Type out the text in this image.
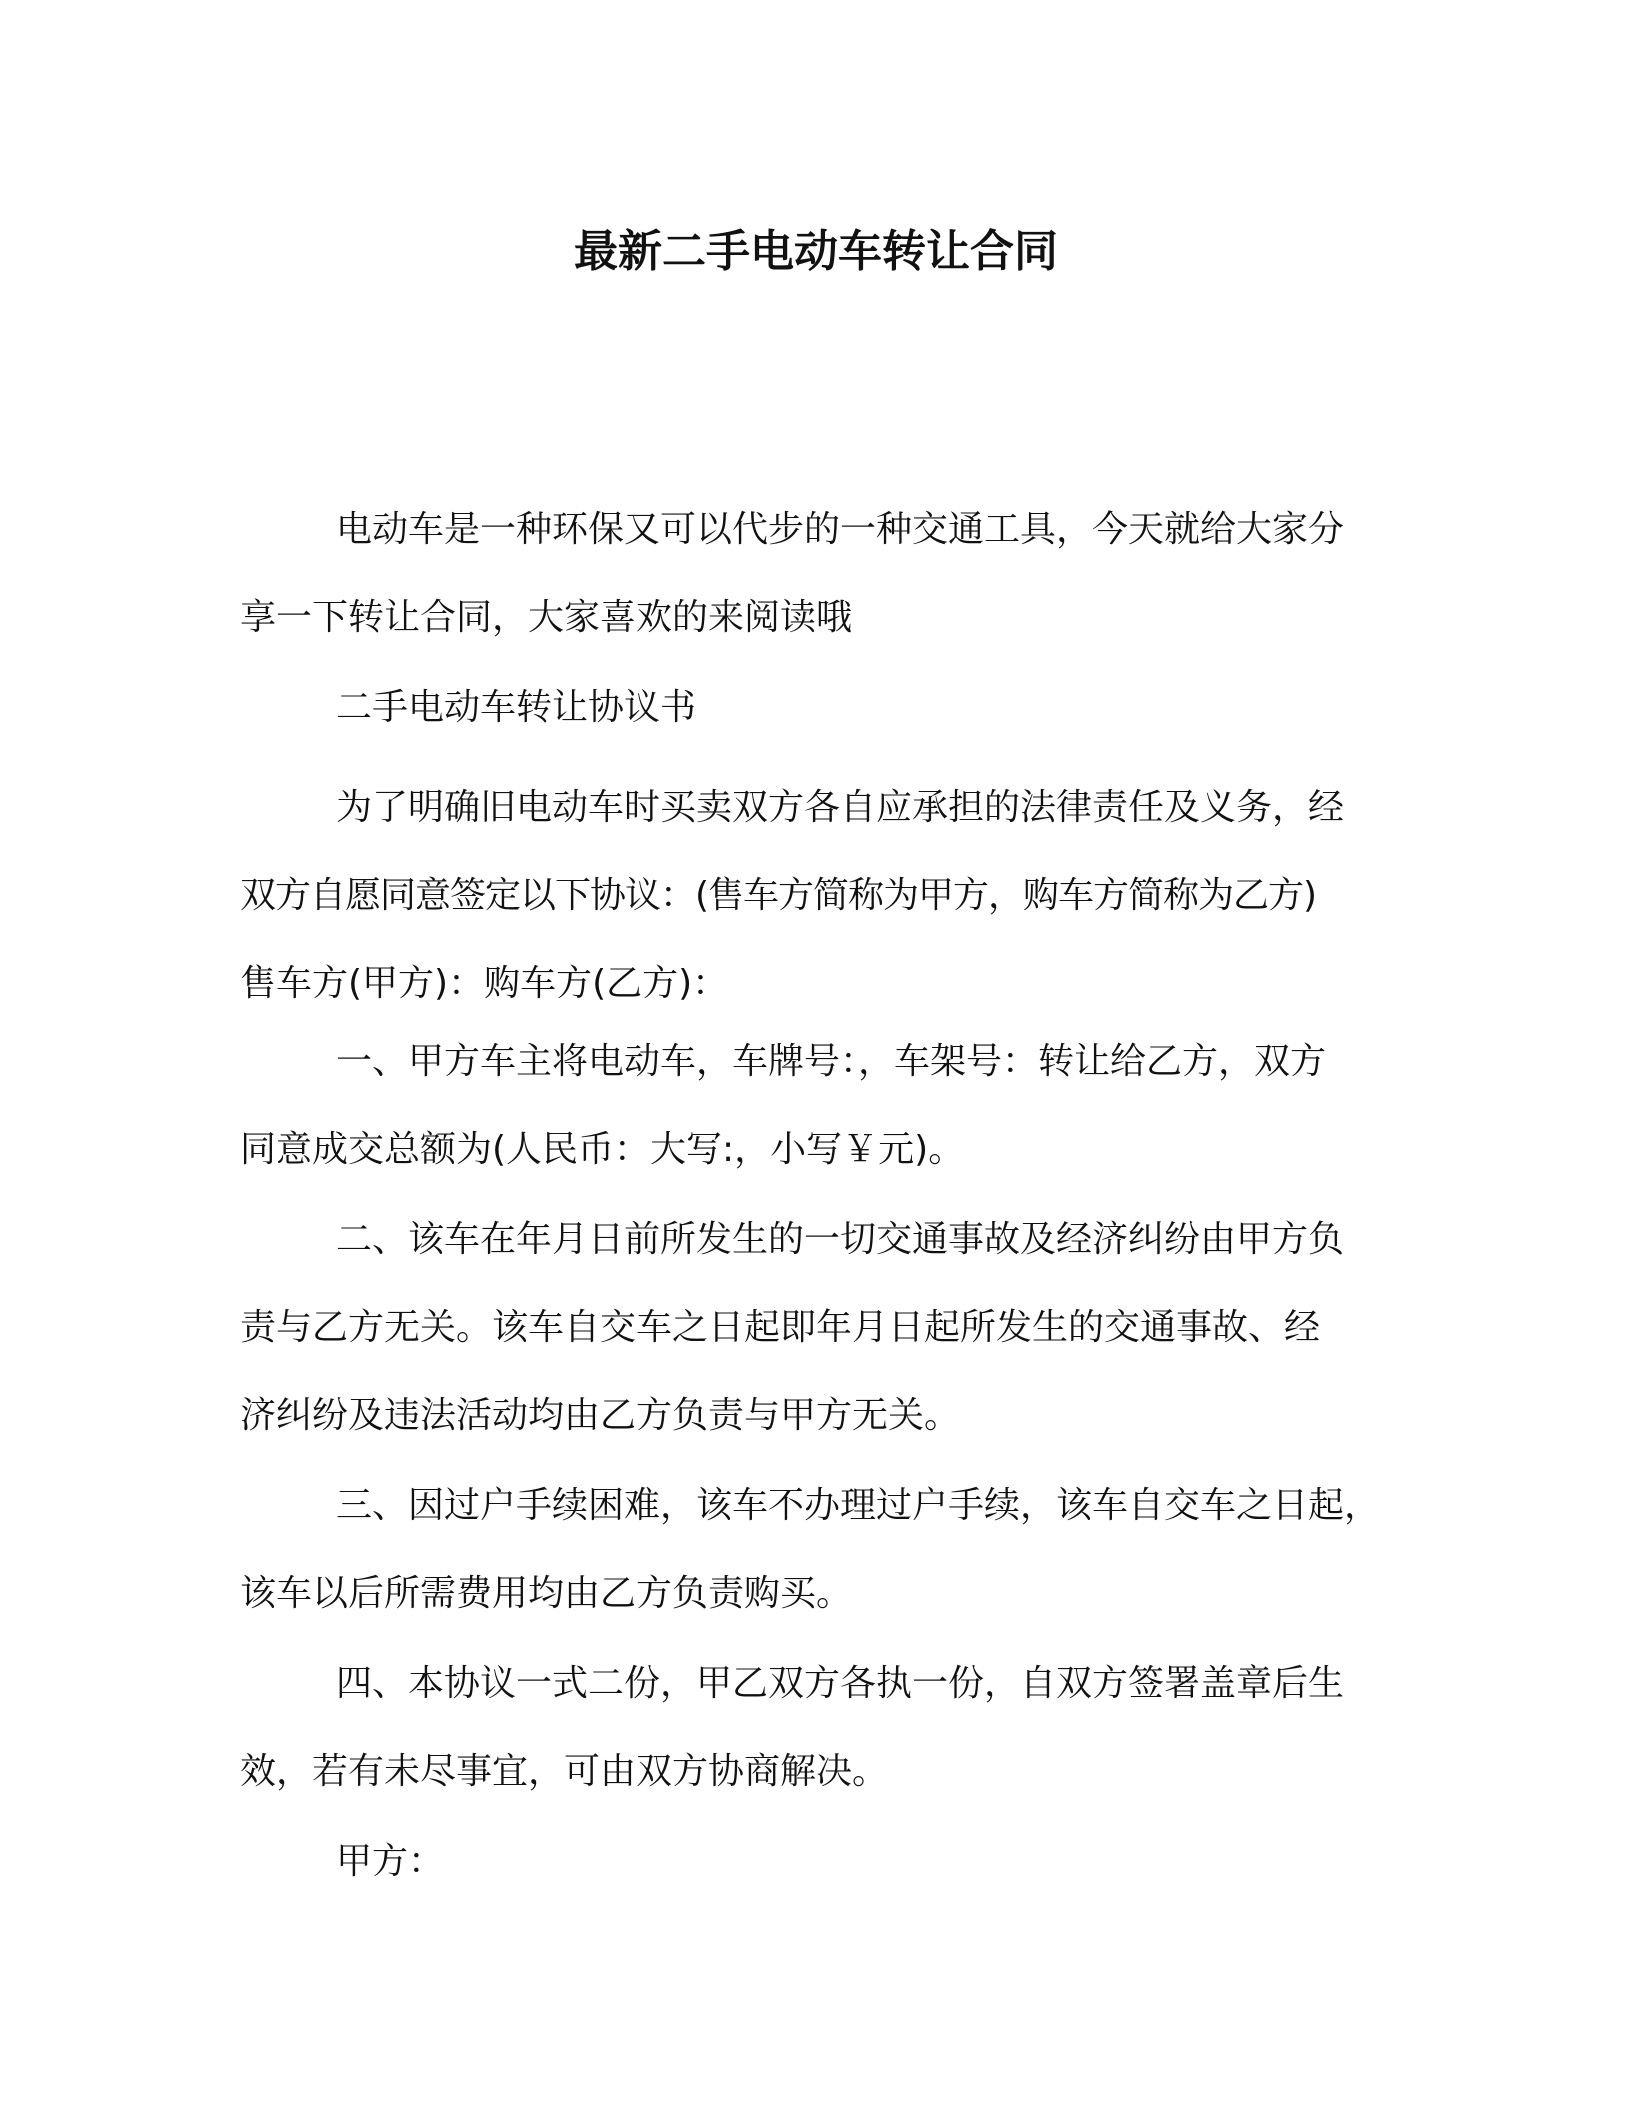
最新二手电动车转让合同
电动车是一种环保又可以代步的一种交通工具，今天就给大家分
享一下转让合同，大家喜欢的来阅读哦
二手电动车转让协议书
为了明确旧电动车时买卖双方各自应承担的法律责任及义务，经
双方自愿同意签定以下协议：(售车方简称为甲方，购车方简称为乙方)
售车方(甲方)：购车方(乙方)：
一、甲方车主将电动车，车牌号：，车架号：转让给乙方，双方
同意成交总额为(人民币：大写:，小写￥元)。
二、该车在年月日前所发生的一切交通事故及经济纠纷由甲方负
责与乙方无关。该车自交车之日起即年月日起所发生的交通事故、经
济纠纷及违法活动均由乙方负责与甲方无关。
三、因过户手续困难，该车不办理过户手续，该车自交车之日起，
该车以后所需费用均由乙方负责购买。
四、本协议一式二份，甲乙双方各执一份，自双方签署盖章后生
效，若有未尽事宜，可由双方协商解决。
甲方：
